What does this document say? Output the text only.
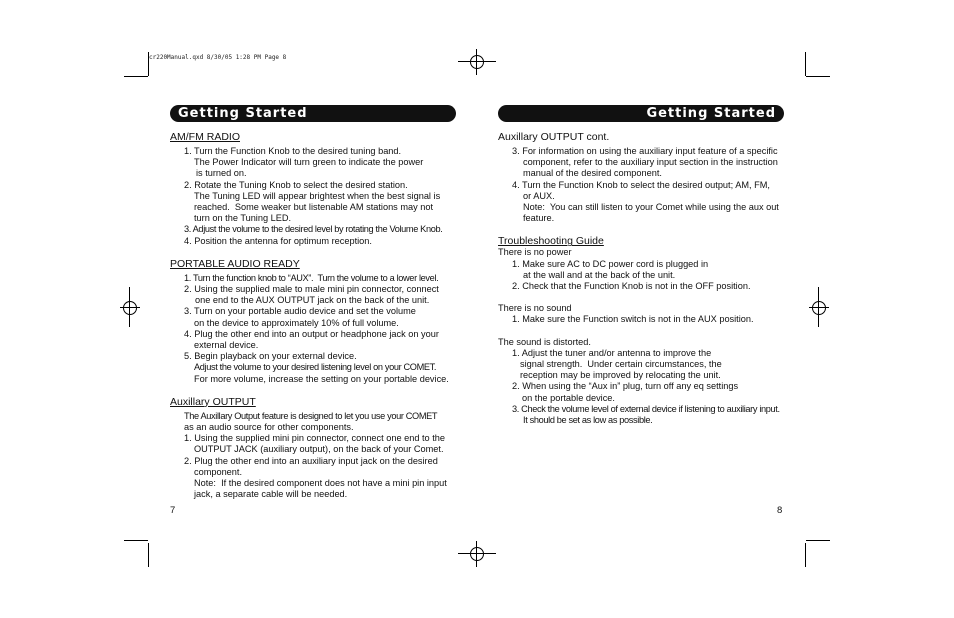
cr220Manual.qxd 8/30/05 1:28 PM Page 8
Getting Started
AM/FM RADIO
1. Turn the Function Knob to the desired tuning band.
The Power Indicator will turn green to indicate the power
is turned on.
2. Rotate the Tuning Knob to select the desired station.
The Tuning LED will appear brightest when the best signal is
reached.  Some weaker but listenable AM stations may not
turn on the Tuning LED.
3. Adjust the volume to the desired level by rotating the Volume Knob.
4. Position the antenna for optimum reception.
PORTABLE AUDIO READY
1. Turn the function knob to “AUX”.  Turn the volume to a lower level.
2. Using the supplied male to male mini pin connector, connect
one end to the AUX OUTPUT jack on the back of the unit.
3. Turn on your portable audio device and set the volume
on the device to approximately 10% of full volume.
4. Plug the other end into an output or headphone jack on your
external device.
5. Begin playback on your external device.
Adjust the volume to your desired listening level on your COMET.
For more volume, increase the setting on your portable device.
Auxillary OUTPUT
The Auxillary Output feature is designed to let you use your COMET
as an audio source for other components.
1. Using the supplied mini pin connector, connect one end to the
OUTPUT JACK (auxiliary output), on the back of your Comet.
2. Plug the other end into an auxiliary input jack on the desired
component.
Note:  If the desired component does not have a mini pin input
jack, a separate cable will be needed.
7
Getting Started
Auxillary OUTPUT cont.
3. For information on using the auxiliary input feature of a specific
component, refer to the auxiliary input section in the instruction
manual of the desired component.
4. Turn the Function Knob to select the desired output; AM, FM,
or AUX.
Note:  You can still listen to your Comet while using the aux out
feature.
Troubleshooting Guide
There is no power
1. Make sure AC to DC power cord is plugged in
at the wall and at the back of the unit.
2. Check that the Function Knob is not in the OFF position.
There is no sound
1. Make sure the Function switch is not in the AUX position.
The sound is distorted.
1. Adjust the tuner and/or antenna to improve the
signal strength.  Under certain circumstances, the
reception may be improved by relocating the unit.
2. When using the “Aux in” plug, turn off any eq settings
on the portable device.
3. Check the volume level of external device if listening to auxiliary input.
It should be set as low as possible.
8
